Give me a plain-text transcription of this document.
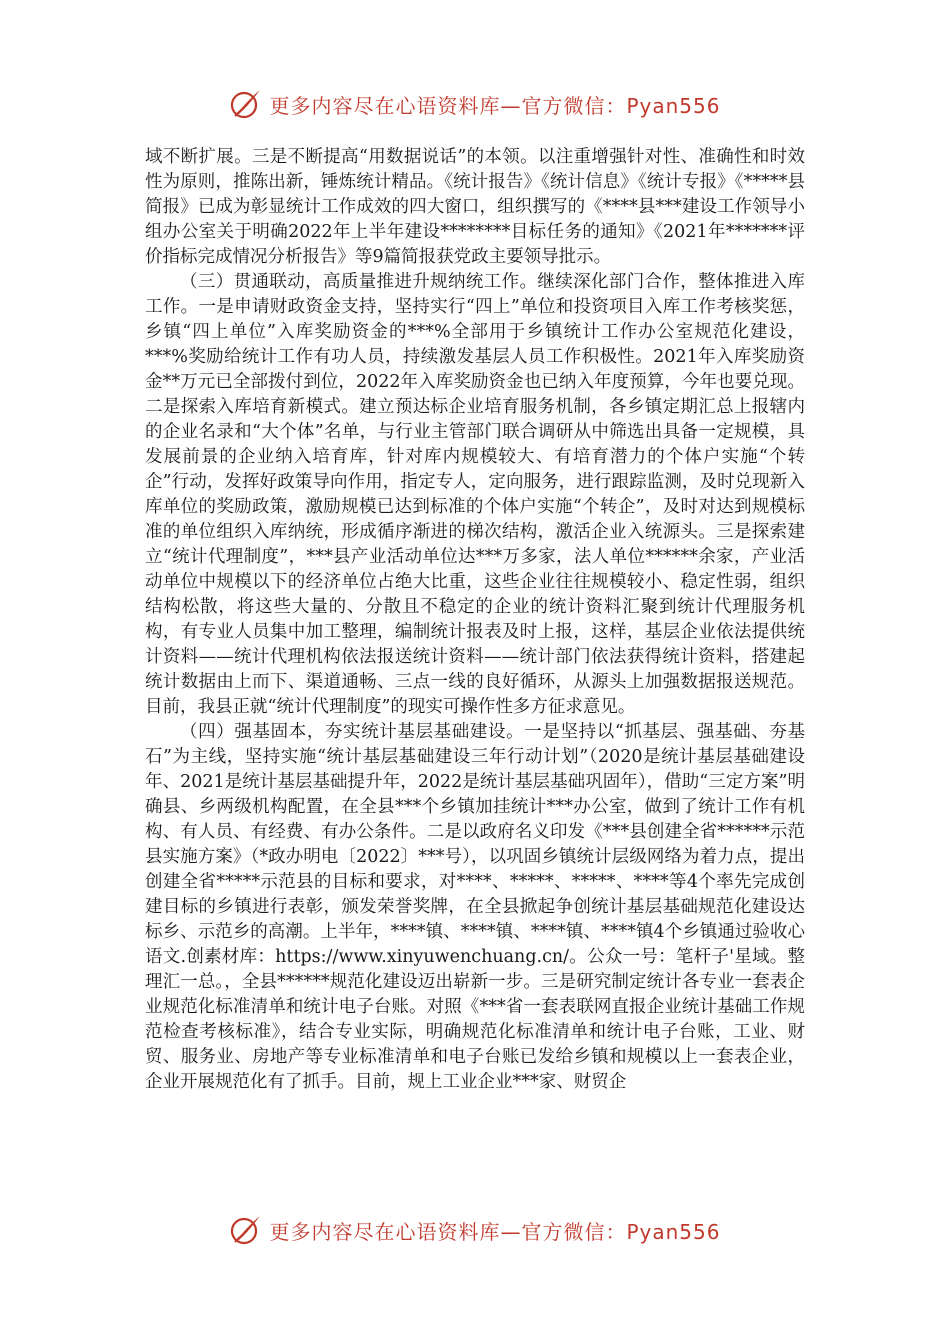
更多内容尽在心语资料库—官方微信：Pyan556

域不断扩展。三是不断提高“用数据说话”的本领。以注重增强针对性、准确性和时效性为原则，推陈出新，锤炼统计精品。《统计报告》《统计信息》《统计专报》《*****县简报》已成为彰显统计工作成效的四大窗口，组织撰写的《****县***建设工作领导小组办公室关于明确2022年上半年建设********目标任务的通知》《2021年*******评价指标完成情况分析报告》等9篇简报获党政主要领导批示。

（三）贯通联动，高质量推进升规纳统工作。继续深化部门合作，整体推进入库工作。一是申请财政资金支持，坚持实行“四上”单位和投资项目入库工作考核奖惩，乡镇“四上单位”入库奖励资金的***%全部用于乡镇统计工作办公室规范化建设，***%奖励给统计工作有功人员，持续激发基层人员工作积极性。2021年入库奖励资金**万元已全部拨付到位，2022年入库奖励资金也已纳入年度预算，今年也要兑现。二是探索入库培育新模式。建立预达标企业培育服务机制，各乡镇定期汇总上报辖内的企业名录和“大个体”名单，与行业主管部门联合调研从中筛选出具备一定规模，具发展前景的企业纳入培育库，针对库内规模较大、有培育潜力的个体户实施“个转企”行动，发挥好政策导向作用，指定专人，定向服务，进行跟踪监测，及时兑现新入库单位的奖励政策，激励规模已达到标准的个体户实施“个转企”，及时对达到规模标准的单位组织入库纳统，形成循序渐进的梯次结构，激活企业入统源头。三是探索建立“统计代理制度”，***县产业活动单位达***万多家，法人单位******余家，产业活动单位中规模以下的经济单位占绝大比重，这些企业往往规模较小、稳定性弱，组织结构松散，将这些大量的、分散且不稳定的企业的统计资料汇聚到统计代理服务机构，有专业人员集中加工整理，编制统计报表及时上报，这样，基层企业依法提供统计资料——统计代理机构依法报送统计资料——统计部门依法获得统计资料，搭建起统计数据由上而下、渠道通畅、三点一线的良好循环，从源头上加强数据报送规范。目前，我县正就“统计代理制度”的现实可操作性多方征求意见。

（四）强基固本，夯实统计基层基础建设。一是坚持以“抓基层、强基础、夯基石”为主线，坚持实施“统计基层基础建设三年行动计划”（2020是统计基层基础建设年、2021是统计基层基础提升年，2022是统计基层基础巩固年），借助“三定方案”明确县、乡两级机构配置，在全县***个乡镇加挂统计***办公室，做到了统计工作有机构、有人员、有经费、有办公条件。二是以政府名义印发《***县创建全省******示范县实施方案》（*政办明电〔2022〕***号），以巩固乡镇统计层级网络为着力点，提出创建全省*****示范县的目标和要求，对****、*****、*****、****等4个率先完成创建目标的乡镇进行表彰，颁发荣誉奖牌，在全县掀起争创统计基层基础规范化建设达标乡、示范乡的高潮。上半年，****镇、****镇、****镇、****镇4个乡镇通过验收心语文.创素材库：https://www.xinyuwenchuang.cn/。公众一号：笔杆子'星域。整理汇一总。，全县******规范化建设迈出崭新一步。三是研究制定统计各专业一套表企业规范化标准清单和统计电子台账。对照《***省一套表联网直报企业统计基础工作规范检查考核标准》，结合专业实际，明确规范化标准清单和统计电子台账，工业、财贸、服务业、房地产等专业标准清单和电子台账已发给乡镇和规模以上一套表企业，企业开展规范化有了抓手。目前，规上工业企业***家、财贸企

更多内容尽在心语资料库—官方微信：Pyan556
